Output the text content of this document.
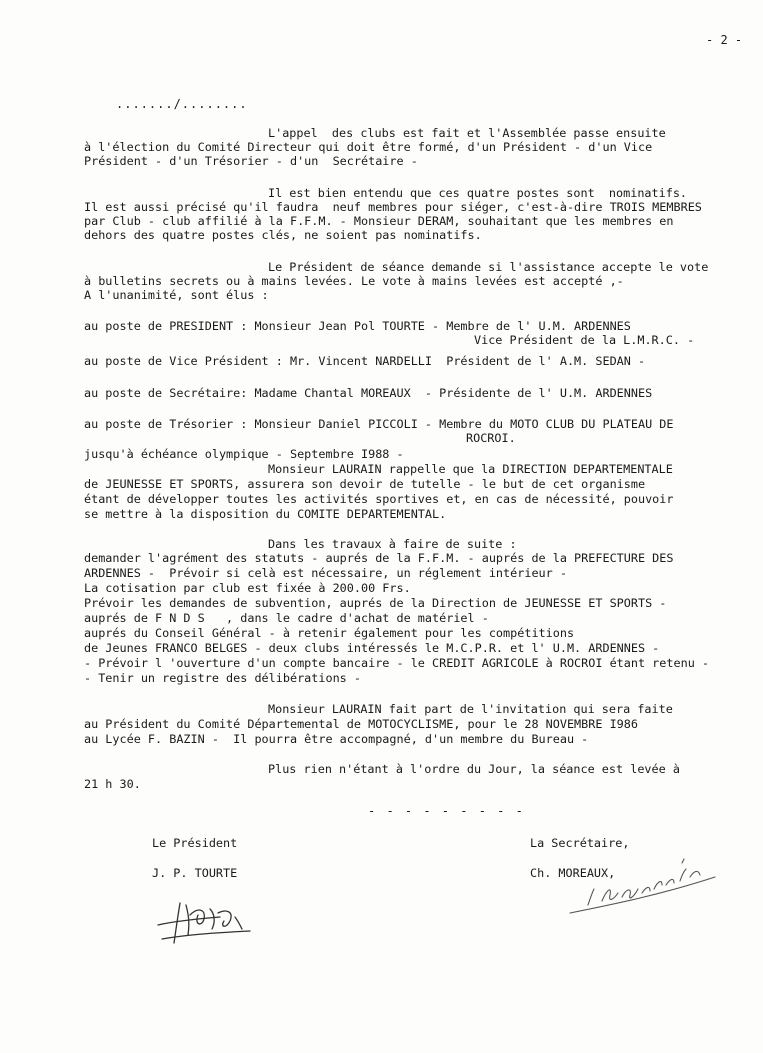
- 2 -
......./........
L'appel  des clubs est fait et l'Assemblée passe ensuite
à l'élection du Comité Directeur qui doit être formé, d'un Président - d'un Vice
Président - d'un Trésorier - d'un  Secrétaire -
Il est bien entendu que ces quatre postes sont  nominatifs.
Il est aussi précisé qu'il faudra  neuf membres pour siéger, c'est-à-dire TROIS MEMBRES
par Club - club affilié à la F.F.M. - Monsieur DERAM, souhaitant que les membres en
dehors des quatre postes clés, ne soient pas nominatifs.
Le Président de séance demande si l'assistance accepte le vote
à bulletins secrets ou à mains levées. Le vote à mains levées est accepté ,-
A l'unanimité, sont élus :
au poste de PRESIDENT : Monsieur Jean Pol TOURTE - Membre de l' U.M. ARDENNES
Vice Président de la L.M.R.C. -
au poste de Vice Président : Mr. Vincent NARDELLI  Président de l' A.M. SEDAN -
au poste de Secrétaire: Madame Chantal MOREAUX  - Présidente de l' U.M. ARDENNES
au poste de Trésorier : Monsieur Daniel PICCOLI - Membre du MOTO CLUB DU PLATEAU DE
ROCROI.
jusqu'à échéance olympique - Septembre I988 -
Monsieur LAURAIN rappelle que la DIRECTION DEPARTEMENTALE
de JEUNESSE ET SPORTS, assurera son devoir de tutelle - le but de cet organisme
étant de développer toutes les activités sportives et, en cas de nécessité, pouvoir
se mettre à la disposition du COMITE DEPARTEMENTAL.
Dans les travaux à faire de suite :
demander l'agrément des statuts - auprés de la F.F.M. - auprés de la PREFECTURE DES
ARDENNES -  Prévoir si celà est nécessaire, un réglement intérieur -
La cotisation par club est fixée à 200.00 Frs.
Prévoir les demandes de subvention, auprés de la Direction de JEUNESSE ET SPORTS -
auprés de F N D S   , dans le cadre d'achat de matériel -
auprés du Conseil Général - à retenir également pour les compétitions
de Jeunes FRANCO BELGES - deux clubs intéressés le M.C.P.R. et l' U.M. ARDENNES -
- Prévoir l 'ouverture d'un compte bancaire - le CREDIT AGRICOLE à ROCROI étant retenu -
- Tenir un registre des délibérations -
Monsieur LAURAIN fait part de l'invitation qui sera faite
au Président du Comité Départemental de MOTOCYCLISME, pour le 28 NOVEMBRE I986
au Lycée F. BAZIN -  Il pourra être accompagné, d'un membre du Bureau -
Plus rien n'étant à l'ordre du Jour, la séance est levée à
21 h 30.
- - - - - - - - -
Le Président
J. P. TOURTE
La Secrétaire,
Ch. MOREAUX,
